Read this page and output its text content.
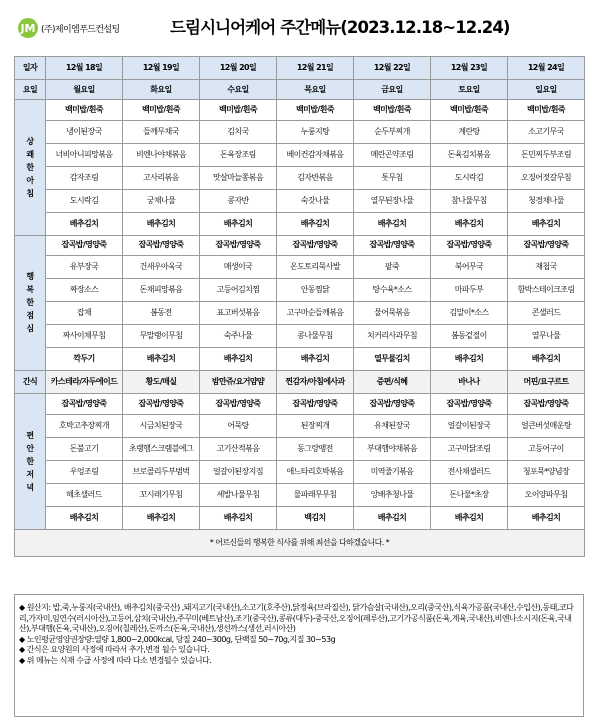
JM (주)제이엠푸드컨설팅	드림시니어케어 주간메뉴(2023.12.18~12.24)
일자	12월 18일	12월 19일	12월 20일	12월 21일	12월 22일	12월 23일	12월 24일
요일	월요일	화요일	수요일	목요일	금요일	토요일	일요일
상쾌한아침	백미밥/흰죽	백미밥/흰죽	백미밥/흰죽	백미밥/흰죽	백미밥/흰죽	백미밥/흰죽	백미밥/흰죽
	냉이된장국	들깨무채국	김치국	누룽지탕	순두부찌개	계란탕	소고기무국
	너비아니피망볶음	비엔나야채볶음	돈육장조림	베이컨감자채볶음	메란곤약조림	돈육김치볶음	돈민찌두부조림
	감자조림	고사리볶음	맛살마늘쫑볶음	김자반볶음	톳무침	도시락김	오징어젓갈무침
	도시락김	궁채나물	콩자반	숙갓나물	열무된장나물	참나물무침	청경채나물
	배추김치	배추김치	배추김치	배추김치	배추김치	배추김치	배추김치
행복한점심	잡곡밥/영양죽	잡곡밥/영양죽	잡곡밥/영양죽	잡곡밥/영양죽	잡곡밥/영양죽	잡곡밥/영양죽	잡곡밥/영양죽
	유부장국	건새우아욱국	매생이국	온도토리묵사발	팥죽	북어무국	재첩국
	짜장소스	돈채피망볶음	고등어김치찜	안동찜닭	탕수육*소스	마파두부	함박스테이크조림
	잡채	봄동전	표고버섯볶음	고구마순들깨볶음	물어묵볶음	김말이*소스	콘샐러드
	짜사이채무침	무말랭이무침	숙주나물	콩나물무침	치커리사과무침	봄동겉절이	열무나물
	깍두기	배추김치	배추김치	배추김치	열무물김치	배추김치	배추김치
간식	카스테라/자두에이드	황도/매실	밤만쥬/요거얌얌	찐감자/아침에사과	증편/식혜	바나나	머핀/요구르트
편안한저녁	잡곡밥/영양죽	잡곡밥/영양죽	잡곡밥/영양죽	잡곡밥/영양죽	잡곡밥/영양죽	잡곡밥/영양죽	잡곡밥/영양죽
	호박고추장찌개	시금치된장국	어묵탕	된장찌개	유채된장국	얼갈이된장국	얼큰버섯매운탕
	돈불고기	초랭햄스크램블에그	고기산적볶음	동그랑땡전	부대햄야채볶음	고구마닭조림	고등어구이
	우엉조림	브로콜리두부범벅	얼갈이된장지짐	애느타리호박볶음	미역줄기볶음	전사채샐러드	청포묵*양념장
	해초샐러드	꼬시래기무침	세발나물무침	물파래무무침	앙배추청나물	돈나물*초장	오이양파무침
	배추김치	배추김치	배추김치	백김치	배추김치	배추김치	배추김치
* 어르신들의 행복한 식사를 위해 최선을 다하겠습니다. *							

◆ 원산지: 밥,죽,누룽지(국내산), 배추김치(중국산) ,돼지고기(국내산),소고기(호주산),닭정육(브라질산), 닭가슴살(국내산),오리(중국산),식육가공품(국내산,수입산),동태,코다리,가자미,임연수(러시아산),고등어,삼치(국내산),주꾸미(베트남산),조기(중국산),콩류(대두)-중국산,오징어(페루산),고기가공식품(돈육,계육,국내산),비엔나소시지(돈육,국내산),부대햄(돈육,국내산),오징어(칠레산),돈까스(돈육,국내산),생선까스(생선,러시아산)

◆ 노인평균영양권장량:열량 1,800~2,000kcal, 당질 240~300g, 단백질 50~70g,지질 30~53g

◆ 간식은 요양원의 사정에 따라서 추가,변경 될수 있습니다.

◆ 위 메뉴는 식재 수급 사정에 따라 다소 변경될수 있습니다.
